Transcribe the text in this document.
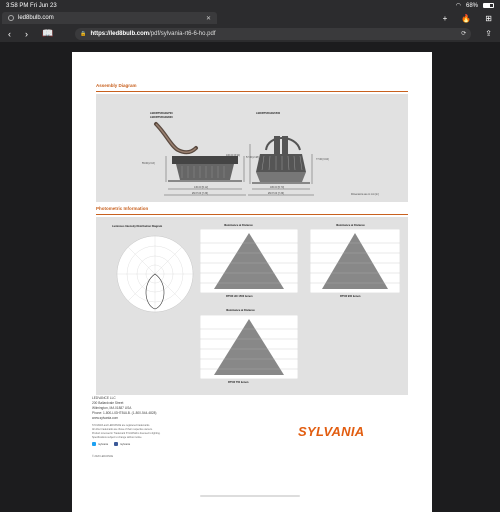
3:58 PM
Fri Jun 23	◠ 68%
led8bulb.com	✕	+ 🔥 ⊞
‹ › 📖	🔒 https://led8bulb.com/pdf/sylvania-rt6-6-ho.pdf	⟳ ⇪
Assembly Diagram
LED/RT5/6/HO/700
LED/RT5/6/HO/900
LED/RT5/6/HO/1500
55.00 [2.16]
57.00 [2.48]
130.00 [5.12]
Ø137.00 [7.39]
100.00 [3.91]
77.00 [3.04]
180.00 [5.70]
Ø137.00 [7.39]	Dimensions are in mm [in]
Photometric Information
Luminous Intensity Distribution Diagram	Illuminance at Distance
RT5/6 HO 1500 lumen
Illuminance at Distance
RT5/6 900 lumen
Illuminance at Distance
RT5/6 750 lumen
LEDVANCE LLC
200 Ballardvale Street
Wilmington, MA 01887 USA
Phone: 1-800-LIGHTBULB. (1-800-544-4828)
www.sylvania.com
SYLVANIA and LEDVANCE are registered trademarks.
All other trademarks are those of their respective owners.
Product Licensed in Trademark SYLVANIA is licensed to lighting.
Specifications subject to change without notice.
/sylvania	/sylvania
© 2020 LEDVANCE
SYLVANIA
